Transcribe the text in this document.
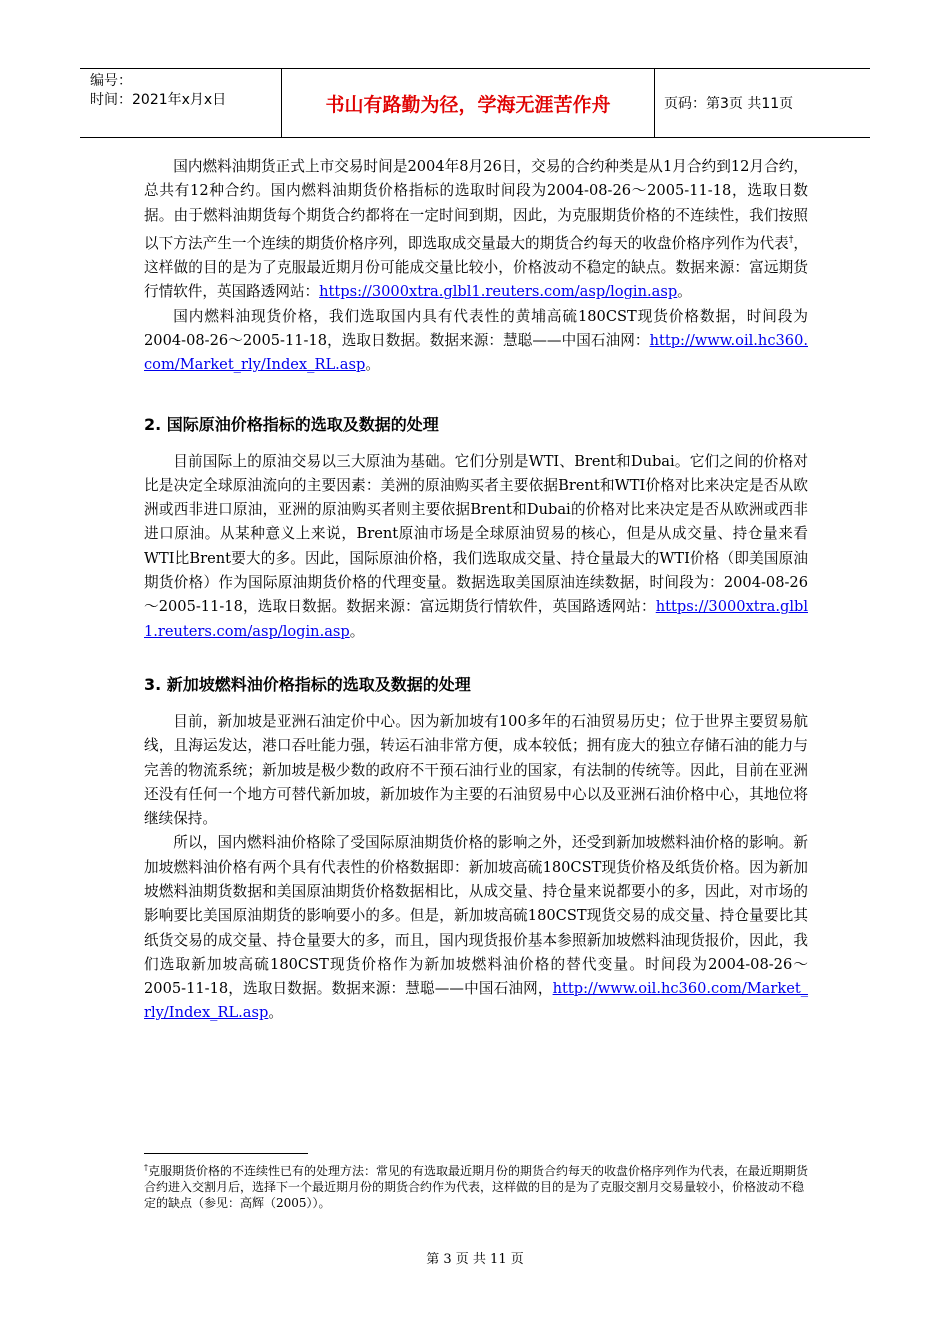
编号：
时间：2021年x月x日	书山有路勤为径，学海无涯苦作舟	页码：第3页 共11页

国内燃料油期货正式上市交易时间是2004年8月26日，交易的合约种类是从1月合约到12月合约，总共有12种合约。国内燃料油期货价格指标的选取时间段为2004-08-26～2005-11-18，选取日数据。由于燃料油期货每个期货合约都将在一定时间到期，因此，为克服期货价格的不连续性，我们按照以下方法产生一个连续的期货价格序列，即选取成交量最大的期货合约每天的收盘价格序列作为代表†，这样做的目的是为了克服最近期月份可能成交量比较小，价格波动不稳定的缺点。数据来源：富远期货行情软件，英国路透网站：https://3000xtra.glbl1.reuters.com/asp/login.asp。

国内燃料油现货价格，我们选取国内具有代表性的黄埔高硫180CST现货价格数据，时间段为2004-08-26～2005-11-18，选取日数据。数据来源：慧聪——中国石油网：http://www.oil.hc360.com/Market_rly/Index_RL.asp。

2. 国际原油价格指标的选取及数据的处理

目前国际上的原油交易以三大原油为基础。它们分别是WTI、Brent和Dubai。它们之间的价格对比是决定全球原油流向的主要因素：美洲的原油购买者主要依据Brent和WTI价格对比来决定是否从欧洲或西非进口原油，亚洲的原油购买者则主要依据Brent和Dubai的价格对比来决定是否从欧洲或西非进口原油。从某种意义上来说，Brent原油市场是全球原油贸易的核心，但是从成交量、持仓量来看WTI比Brent要大的多。因此，国际原油价格，我们选取成交量、持仓量最大的WTI价格（即美国原油期货价格）作为国际原油期货价格的代理变量。数据选取美国原油连续数据，时间段为：2004-08-26～2005-11-18，选取日数据。数据来源：富远期货行情软件，英国路透网站：https://3000xtra.glbl1.reuters.com/asp/login.asp。

3. 新加坡燃料油价格指标的选取及数据的处理

目前，新加坡是亚洲石油定价中心。因为新加坡有100多年的石油贸易历史；位于世界主要贸易航线，且海运发达，港口吞吐能力强，转运石油非常方便，成本较低；拥有庞大的独立存储石油的能力与完善的物流系统；新加坡是极少数的政府不干预石油行业的国家，有法制的传统等。因此，目前在亚洲还没有任何一个地方可替代新加坡，新加坡作为主要的石油贸易中心以及亚洲石油价格中心，其地位将继续保持。

所以，国内燃料油价格除了受国际原油期货价格的影响之外，还受到新加坡燃料油价格的影响。新加坡燃料油价格有两个具有代表性的价格数据即：新加坡高硫180CST现货价格及纸货价格。因为新加坡燃料油期货数据和美国原油期货价格数据相比，从成交量、持仓量来说都要小的多，因此，对市场的影响要比美国原油期货的影响要小的多。但是，新加坡高硫180CST现货交易的成交量、持仓量要比其纸货交易的成交量、持仓量要大的多，而且，国内现货报价基本参照新加坡燃料油现货报价，因此，我们选取新加坡高硫180CST现货价格作为新加坡燃料油价格的替代变量。时间段为2004-08-26～2005-11-18，选取日数据。数据来源：慧聪——中国石油网，http://www.oil.hc360.com/Market_rly/Index_RL.asp。

†克服期货价格的不连续性已有的处理方法：常见的有选取最近期月份的期货合约每天的收盘价格序列作为代表，在最近期期货合约进入交割月后，选择下一个最近期月份的期货合约作为代表，这样做的目的是为了克服交割月交易量较小，价格波动不稳定的缺点（参见：高辉（2005））。
第 3 页 共 11 页
